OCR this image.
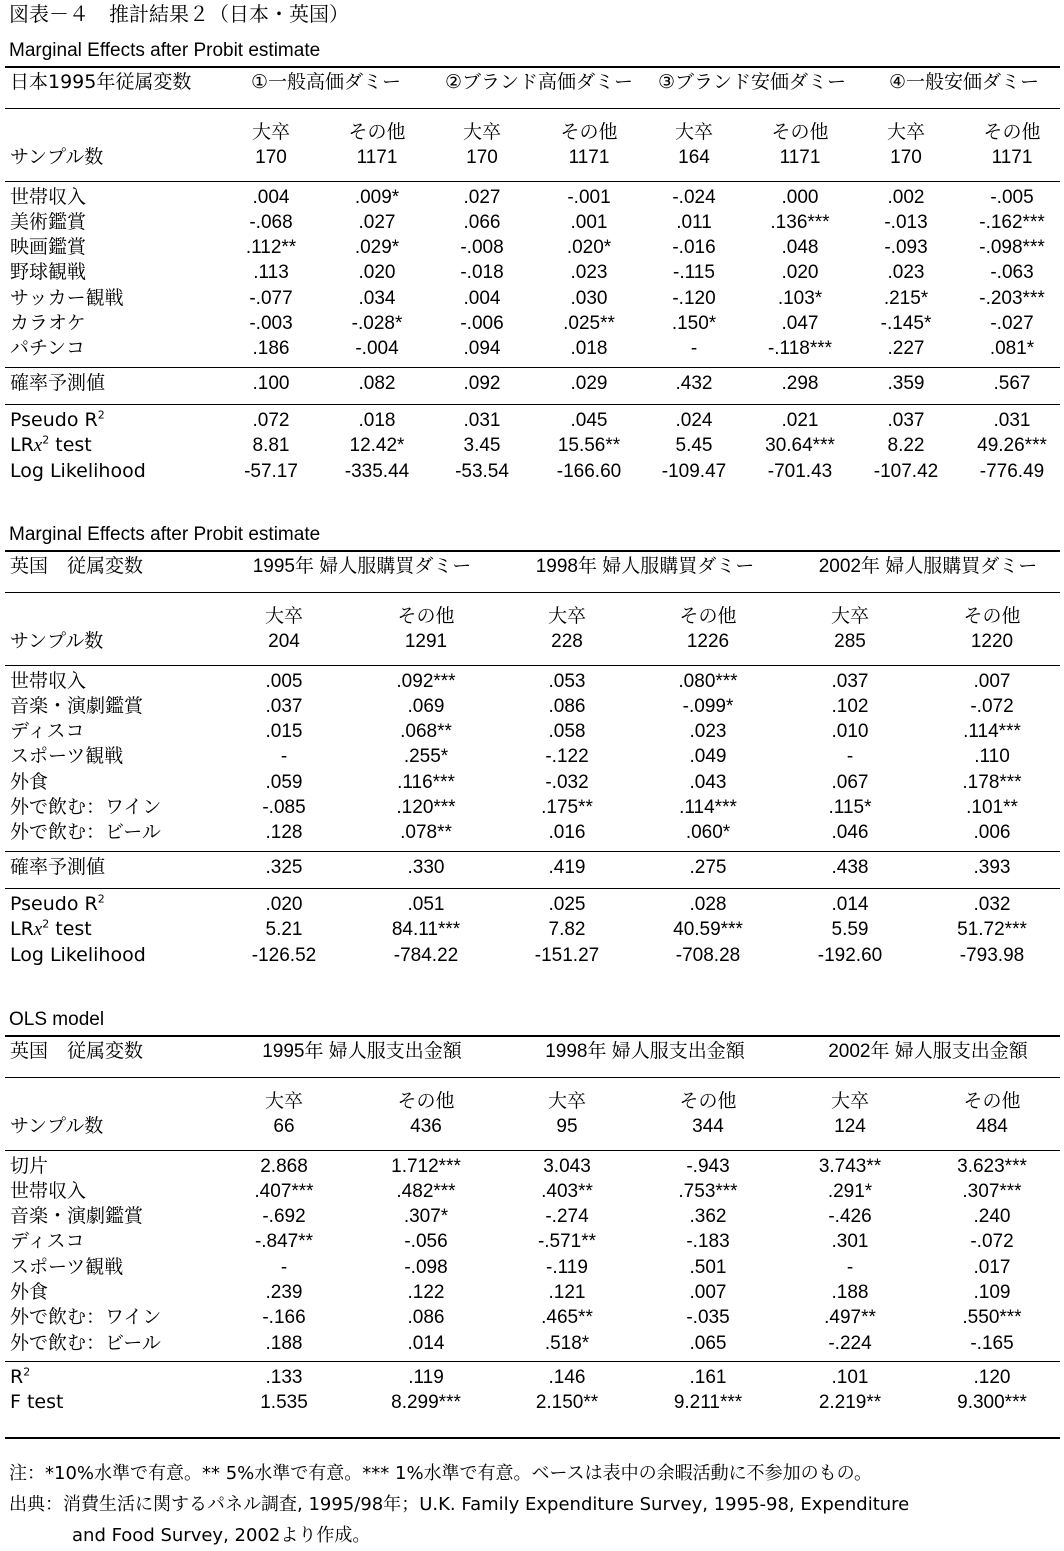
図表－４　推計結果２（日本・英国）
Marginal Effects after Probit estimate
日本1995年従属変数	①一般高価ダミー	②ブランド高価ダミー	③ブランド安価ダミー	④一般安価ダミー
	大卒	その他	大卒	その他	大卒	その他	大卒	その他
サンプル数	170	1171	170	1171	164	1171	170	1171
世帯収入	.004	.009*	.027	-.001	-.024	.000	.002	-.005
美術鑑賞	-.068	.027	.066	.001	.011	.136***	-.013	-.162***
映画鑑賞	.112**	.029*	-.008	.020*	-.016	.048	-.093	-.098***
野球観戦	.113	.020	-.018	.023	-.115	.020	.023	-.063
サッカー観戦	-.077	.034	.004	.030	-.120	.103*	.215*	-.203***
カラオケ	-.003	-.028*	-.006	.025**	.150*	.047	-.145*	-.027
パチンコ	.186	-.004	.094	.018	-	-.118***	.227	.081*
確率予測値	.100	.082	.092	.029	.432	.298	.359	.567
Pseudo $R^2$	.072	.018	.031	.045	.024	.021	.037	.031
LRx$^2$ test	8.81	12.42*	3.45	15.56**	5.45	30.64***	8.22	49.26***
Log Likelihood	-57.17	-335.44	-53.54	-166.60	-109.47	-701.43	-107.42	-776.49
Marginal Effects after Probit estimate
英国　従属変数	1995年 婦人服購買ダミー	1998年 婦人服購買ダミー	2002年 婦人服購買ダミー
	大卒	その他	大卒	その他	大卒	その他
サンプル数	204	1291	228	1226	285	1220
世帯収入	.005	.092***	.053	.080***	.037	.007
音楽・演劇鑑賞	.037	.069	.086	-.099*	.102	-.072
ディスコ	.015	.068**	.058	.023	.010	.114***
スポーツ観戦	-	.255*	-.122	.049	-	.110
外食	.059	.116***	-.032	.043	.067	.178***
外で飲む：ワイン	-.085	.120***	.175**	.114***	.115*	.101**
外で飲む：ビール	.128	.078**	.016	.060*	.046	.006
確率予測値	.325	.330	.419	.275	.438	.393
Pseudo $R^2$	.020	.051	.025	.028	.014	.032
LRx$^2$ test	5.21	84.11***	7.82	40.59***	5.59	51.72***
Log Likelihood	-126.52	-784.22	-151.27	-708.28	-192.60	-793.98
OLS model
英国　従属変数	1995年 婦人服支出金額	1998年 婦人服支出金額	2002年 婦人服支出金額
	大卒	その他	大卒	その他	大卒	その他
サンプル数	66	436	95	344	124	484
切片	2.868	1.712***	3.043	-.943	3.743**	3.623***
世帯収入	.407***	.482***	.403**	.753***	.291*	.307***
音楽・演劇鑑賞	-.692	.307*	-.274	.362	-.426	.240
ディスコ	-.847**	-.056	-.571**	-.183	.301	-.072
スポーツ観戦	-	-.098	-.119	.501	-	.017
外食	.239	.122	.121	.007	.188	.109
外で飲む：ワイン	-.166	.086	.465**	-.035	.497**	.550***
外で飲む：ビール	.188	.014	.518*	.065	-.224	-.165
$R^2$	.133	.119	.146	.161	.101	.120
F test	1.535	8.299***	2.150**	9.211***	2.219**	9.300***
注：*10%水準で有意。** 5%水準で有意。*** 1%水準で有意。ベースは表中の余暇活動に不参加のもの。
出典：消費生活に関するパネル調査, 1995/98年；U.K. Family Expenditure Survey, 1995-98, Expenditure
and Food Survey, 2002より作成。
